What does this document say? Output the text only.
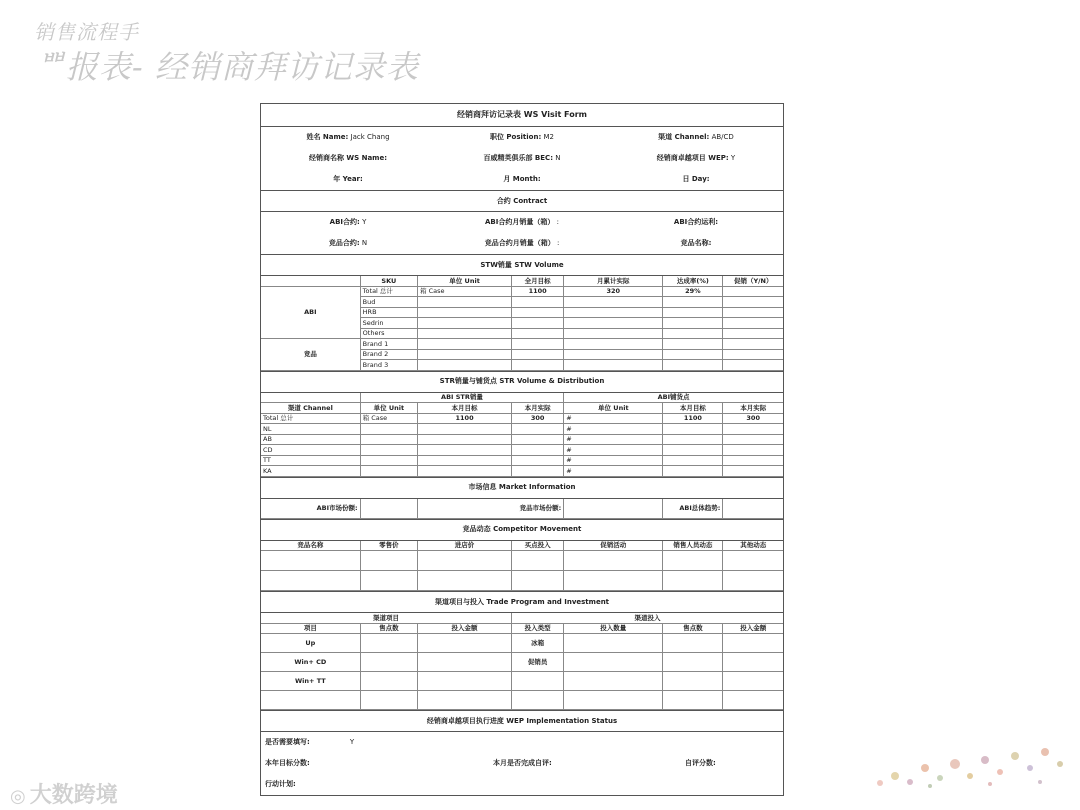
销售流程手
ᄈ报表- 经销商拜访记录表
经销商拜访记录表 WS Visit Form
姓名 Name: Jack Chang	职位 Position: M2	渠道 Channel: AB/CD
经销商名称 WS Name:	百威精英俱乐部 BEC: N	经销商卓越项目 WEP: Y
年 Year:	月 Month:	日 Day:
合约 Contract
ABI合约: Y	ABI合约月销量（箱） :	ABI合约运利:
竞品合约: N	竞品合约月销量（箱） :	竞品名称:
STW销量 STW Volume
	SKU	单位 Unit	全月目标	月累计实际	达成率(%)	促销（Y/N）
ABI	Total 总计	箱 Case	1100	320	29%	
	Bud					
	HRB					
	Sedrin					
	Others					
竞品	Brand 1					
	Brand 2					
	Brand 3					
STR销量与铺货点 STR Volume & Distribution
	ABI STR销量			ABI铺货点		
渠道 Channel	单位 Unit	本月目标	本月实际	单位 Unit	本月目标	本月实际
Total 总计	箱 Case	1100	300	#	1100	300
NL				#		
AB				#		
CD				#		
TT				#		
KA				#		
市场信息 Market Information
ABI市场份额:		竞品市场份额:		ABI总体趋势:	
竞品动态 Competitor Movement
竞品名称	零售价	进店价	买点投入	促销活动	销售人员动态	其他动态

渠道项目与投入 Trade Program and Investment
渠道项目			渠道投入			
项目	售点数	投入金额	投入类型	投入数量	售点数	投入金额
Up			冰箱			
Win+ CD			促销员			
Win+ TT						

经销商卓越项目执行进度 WEP Implementation Status
是否需要填写:	Y
本年目标分数:	本月是否完成自评:	自评分数:
行动计划:
◎ 大数跨境
